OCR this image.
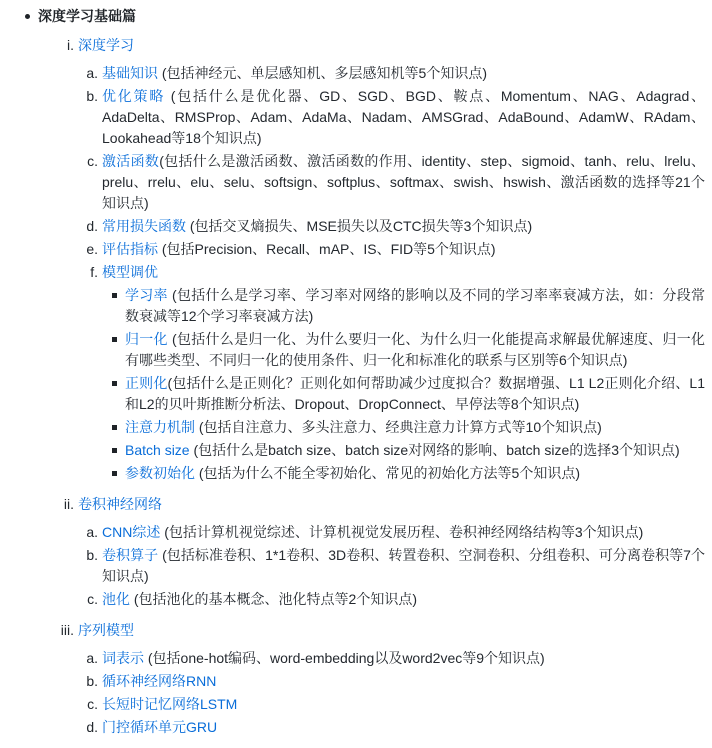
深度学习基础篇

i. 深度学习
a. 基础知识 (包括神经元、单层感知机、多层感知机等5个知识点)
b. 优化策略 (包括什么是优化器、GD、SGD、BGD、鞍点、Momentum、NAG、Adagrad、AdaDelta、RMSProp、Adam、AdaMa、Nadam、AMSGrad、AdaBound、AdamW、RAdam、Lookahead等18个知识点)
c. 激活函数(包括什么是激活函数、激活函数的作用、identity、step、sigmoid、tanh、relu、lrelu、prelu、rrelu、elu、selu、softsign、softplus、softmax、swish、hswish、激活函数的选择等21个知识点)
d. 常用损失函数 (包括交叉熵损失、MSE损失以及CTC损失等3个知识点)
e. 评估指标 (包括Precision、Recall、mAP、IS、FID等5个知识点)
f. 模型调优
学习率 (包括什么是学习率、学习率对网络的影响以及不同的学习率率衰减方法，如：分段常数衰减等12个学习率衰减方法)
归一化 (包括什么是归一化、为什么要归一化、为什么归一化能提高求解最优解速度、归一化有哪些类型、不同归一化的使用条件、归一化和标准化的联系与区别等6个知识点)
正则化(包括什么是正则化？正则化如何帮助减少过度拟合？数据增强、L1 L2正则化介绍、L1和L2的贝叶斯推断分析法、Dropout、DropConnect、早停法等8个知识点)
注意力机制 (包括自注意力、多头注意力、经典注意力计算方式等10个知识点)
Batch size (包括什么是batch size、batch size对网络的影响、batch size的选择3个知识点)
参数初始化 (包括为什么不能全零初始化、常见的初始化方法等5个知识点)
ii. 卷积神经网络
a. CNN综述 (包括计算机视觉综述、计算机视觉发展历程、卷积神经网络结构等3个知识点)
b. 卷积算子 (包括标准卷积、1*1卷积、3D卷积、转置卷积、空洞卷积、分组卷积、可分离卷积等7个知识点)
c. 池化 (包括池化的基本概念、池化特点等2个知识点)
iii. 序列模型
a. 词表示 (包括one-hot编码、word-embedding以及word2vec等9个知识点)
b. 循环神经网络RNN
c. 长短时记忆网络LSTM
d. 门控循环单元GRU
